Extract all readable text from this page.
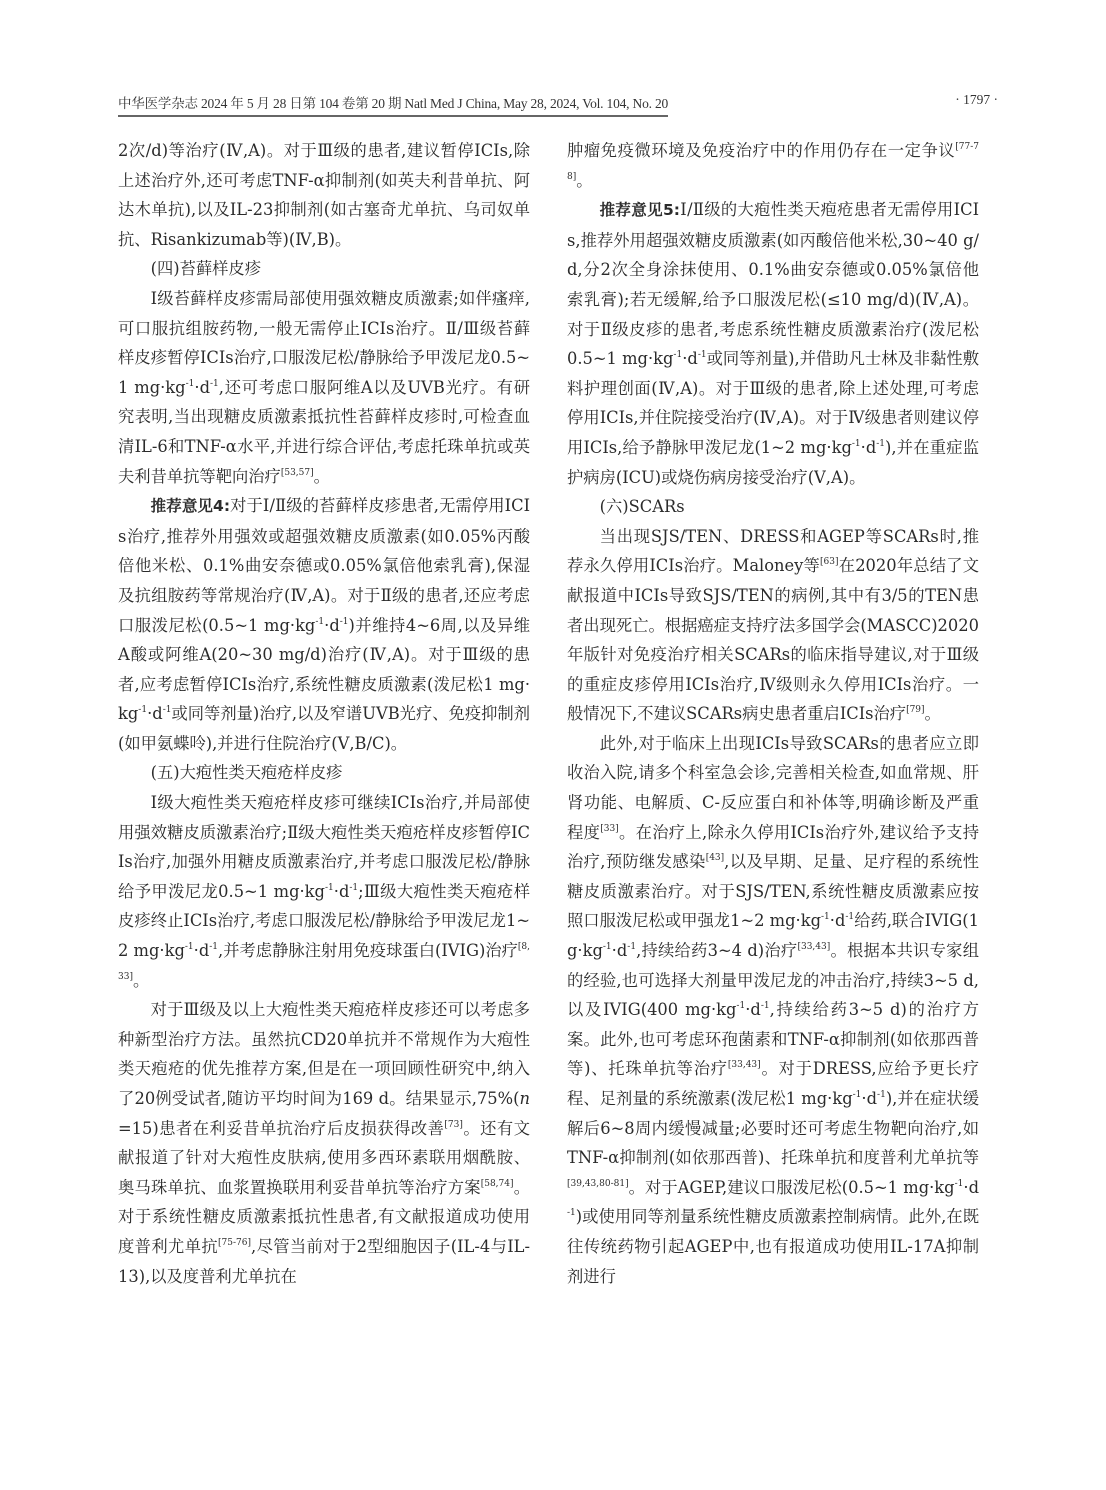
中华医学杂志 2024 年 5 月 28 日第 104 卷第 20 期 Natl Med J China, May 28, 2024, Vol. 104, No. 20	· 1797 ·

2次/d)等治疗(Ⅳ,A)。对于Ⅲ级的患者,建议暂停ICIs,除上述治疗外,还可考虑TNF-α抑制剂(如英夫利昔单抗、阿达木单抗),以及IL-23抑制剂(如古塞奇尤单抗、乌司奴单抗、Risankizumab等)(Ⅳ,B)。

(四)苔藓样皮疹

Ⅰ级苔藓样皮疹需局部使用强效糖皮质激素;如伴瘙痒,可口服抗组胺药物,一般无需停止ICIs治疗。Ⅱ/Ⅲ级苔藓样皮疹暂停ICIs治疗,口服泼尼松/静脉给予甲泼尼龙0.5~1 $mg\cdot kg^{-1}\cdot d^{-1}$,还可考虑口服阿维A以及UVB光疗。有研究表明,当出现糖皮质激素抵抗性苔藓样皮疹时,可检查血清IL-6和TNF-α水平,并进行综合评估,考虑托珠单抗或英夫利昔单抗等靶向治疗[53,57]。

推荐意见4:对于Ⅰ/Ⅱ级的苔藓样皮疹患者,无需停用ICIs治疗,推荐外用强效或超强效糖皮质激素(如0.05%丙酸倍他米松、0.1%曲安奈德或0.05%氯倍他索乳膏),保湿及抗组胺药等常规治疗(Ⅳ,A)。对于Ⅱ级的患者,还应考虑口服泼尼松(0.5~1 $mg\cdot kg^{-1}\cdot d^{-1}$)并维持4~6周,以及异维A酸或阿维A(20~30 mg/d)治疗(Ⅳ,A)。对于Ⅲ级的患者,应考虑暂停ICIs治疗,系统性糖皮质激素(泼尼松1 $mg\cdot kg^{-1}\cdot d^{-1}$或同等剂量)治疗,以及窄谱UVB光疗、免疫抑制剂(如甲氨蝶呤),并进行住院治疗(Ⅴ,B/C)。

(五)大疱性类天疱疮样皮疹

Ⅰ级大疱性类天疱疮样皮疹可继续ICIs治疗,并局部使用强效糖皮质激素治疗;Ⅱ级大疱性类天疱疮样皮疹暂停ICIs治疗,加强外用糖皮质激素治疗,并考虑口服泼尼松/静脉给予甲泼尼龙0.5~1 $mg\cdot kg^{-1}\cdot d^{-1};Ⅲ$级大疱性类天疱疮样皮疹终止ICIs治疗,考虑口服泼尼松/静脉给予甲泼尼龙1~2 $mg\cdot kg^{-1}\cdot d^{-1}$,并考虑静脉注射用免疫球蛋白(IVIG)治疗[8,33]。

对于Ⅲ级及以上大疱性类天疱疮样皮疹还可以考虑多种新型治疗方法。虽然抗CD20单抗并不常规作为大疱性类天疱疮的优先推荐方案,但是在一项回顾性研究中,纳入了20例受试者,随访平均时间为169 d。结果显示,75%(n=15)患者在利妥昔单抗治疗后皮损获得改善[73]。还有文献报道了针对大疱性皮肤病,使用多西环素联用烟酰胺、奥马珠单抗、血浆置换联用利妥昔单抗等治疗方案[58,74]。对于系统性糖皮质激素抵抗性患者,有文献报道成功使用度普利尤单抗[75-76],尽管当前对于2型细胞因子(IL-4与IL-13),以及度普利尤单抗在

肿瘤免疫微环境及免疫治疗中的作用仍存在一定争议[77-78]。

推荐意见5:Ⅰ/Ⅱ级的大疱性类天疱疮患者无需停用ICIs,推荐外用超强效糖皮质激素(如丙酸倍他米松,30~40 g/d,分2次全身涂抹使用、0.1%曲安奈德或0.05%氯倍他索乳膏);若无缓解,给予口服泼尼松(≤10 mg/d)(Ⅳ,A)。对于Ⅱ级皮疹的患者,考虑系统性糖皮质激素治疗(泼尼松0.5~1 $mg\cdot kg^{-1}\cdot d^{-1}$或同等剂量),并借助凡士林及非黏性敷料护理创面(Ⅳ,A)。对于Ⅲ级的患者,除上述处理,可考虑停用ICIs,并住院接受治疗(Ⅳ,A)。对于Ⅳ级患者则建议停用ICIs,给予静脉甲泼尼龙(1~2 $mg\cdot kg^{-1}\cdot d^{-1}$),并在重症监护病房(ICU)或烧伤病房接受治疗(Ⅴ,A)。

(六)SCARs

当出现SJS/TEN、DRESS和AGEP等SCARs时,推荐永久停用ICIs治疗。Maloney等[63]在2020年总结了文献报道中ICIs导致SJS/TEN的病例,其中有3/5的TEN患者出现死亡。根据癌症支持疗法多国学会(MASCC)2020年版针对免疫治疗相关SCARs的临床指导建议,对于Ⅲ级的重症皮疹停用ICIs治疗,Ⅳ级则永久停用ICIs治疗。一般情况下,不建议SCARs病史患者重启ICIs治疗[79]。

此外,对于临床上出现ICIs导致SCARs的患者应立即收治入院,请多个科室急会诊,完善相关检查,如血常规、肝肾功能、电解质、C-反应蛋白和补体等,明确诊断及严重程度[33]。在治疗上,除永久停用ICIs治疗外,建议给予支持治疗,预防继发感染[43],以及早期、足量、足疗程的系统性糖皮质激素治疗。对于SJS/TEN,系统性糖皮质激素应按照口服泼尼松或甲强龙1~2 $mg\cdot kg^{-1}\cdot d^{-1}$给药,联合IVIG(1 $g\cdot kg^{-1}\cdot d^{-1}$,持续给药3~4 d)治疗[33,43]。根据本共识专家组的经验,也可选择大剂量甲泼尼龙的冲击治疗,持续3~5 d,以及IVIG(400 $mg\cdot kg^{-1}\cdot d^{-1}$,持续给药3~5 d)的治疗方案。此外,也可考虑环孢菌素和TNF-α抑制剂(如依那西普等)、托珠单抗等治疗[33,43]。对于DRESS,应给予更长疗程、足剂量的系统激素(泼尼松1 $mg\cdot kg^{-1}\cdot d^{-1}$),并在症状缓解后6~8周内缓慢减量;必要时还可考虑生物靶向治疗,如TNF-α抑制剂(如依那西普)、托珠单抗和度普利尤单抗等[39,43,80-81]。对于AGEP,建议口服泼尼松(0.5~1 $mg\cdot kg^{-1}\cdot d^{-1}$)或使用同等剂量系统性糖皮质激素控制病情。此外,在既往传统药物引起AGEP中,也有报道成功使用IL-17A抑制剂进行
